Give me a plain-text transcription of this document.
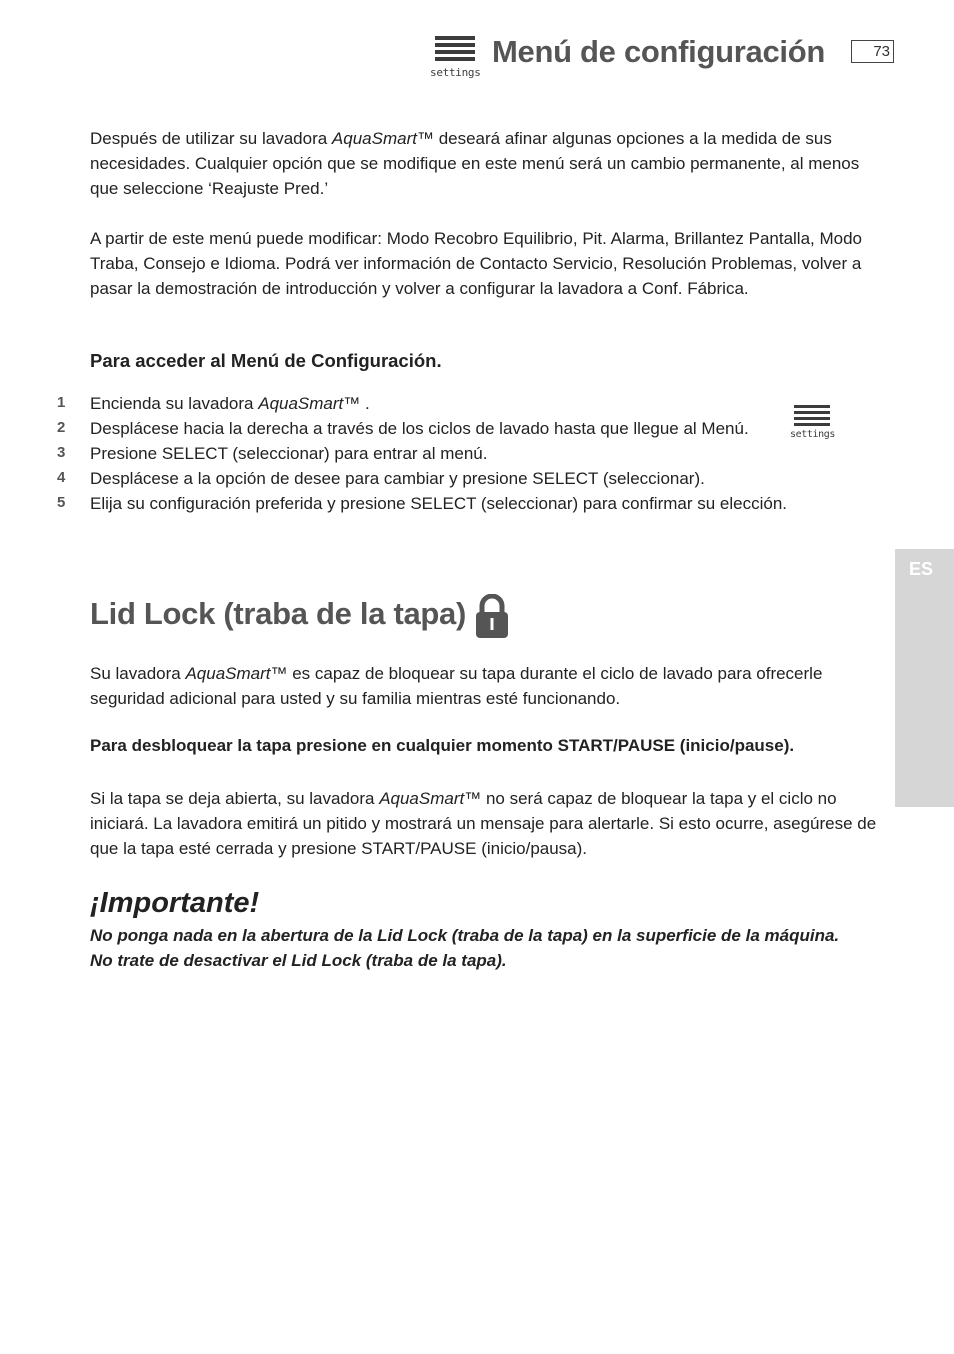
settings
Menú de configuración	73
ES
Después de utilizar su lavadora AquaSmart™ deseará afinar algunas opciones a la medida de sus necesidades. Cualquier opción que se modifique en este menú será un cambio permanente, al menos que seleccione ‘Reajuste Pred.’
A partir de este menú puede modificar: Modo Recobro Equilibrio, Pit. Alarma, Brillantez Pantalla, Modo Traba, Consejo e Idioma. Podrá ver información de Contacto Servicio, Resolución Problemas, volver a pasar la demostración de introducción y volver a configurar la lavadora a Conf. Fábrica.
Para acceder al Menú de Configuración.
1	Encienda su lavadora AquaSmart™ .
2	Desplácese hacia la derecha a través de los ciclos de lavado hasta que llegue al Menú.
3	Presione SELECT (seleccionar) para entrar al menú.
4	Desplácese a la opción de desee para cambiar y presione SELECT (seleccionar).
5	Elija su configuración preferida y presione SELECT (seleccionar) para confirmar su elección.
settings
Lid Lock (traba de la tapa)
Su lavadora AquaSmart™ es capaz de bloquear su tapa durante el ciclo de lavado para ofrecerle seguridad adicional para usted y su familia mientras esté funcionando.
Para desbloquear la tapa presione en cualquier momento START/PAUSE (inicio/pause).
Si la tapa se deja abierta, su lavadora AquaSmart™ no será capaz de bloquear la tapa y el ciclo no iniciará. La lavadora emitirá un pitido y mostrará un mensaje para alertarle. Si esto ocurre, asegúrese de que la tapa esté cerrada y presione START/PAUSE (inicio/pausa).
¡Importante!
No ponga nada en la abertura de la Lid Lock (traba de la tapa) en la superficie de la máquina.
No trate de desactivar el Lid Lock (traba de la tapa).
